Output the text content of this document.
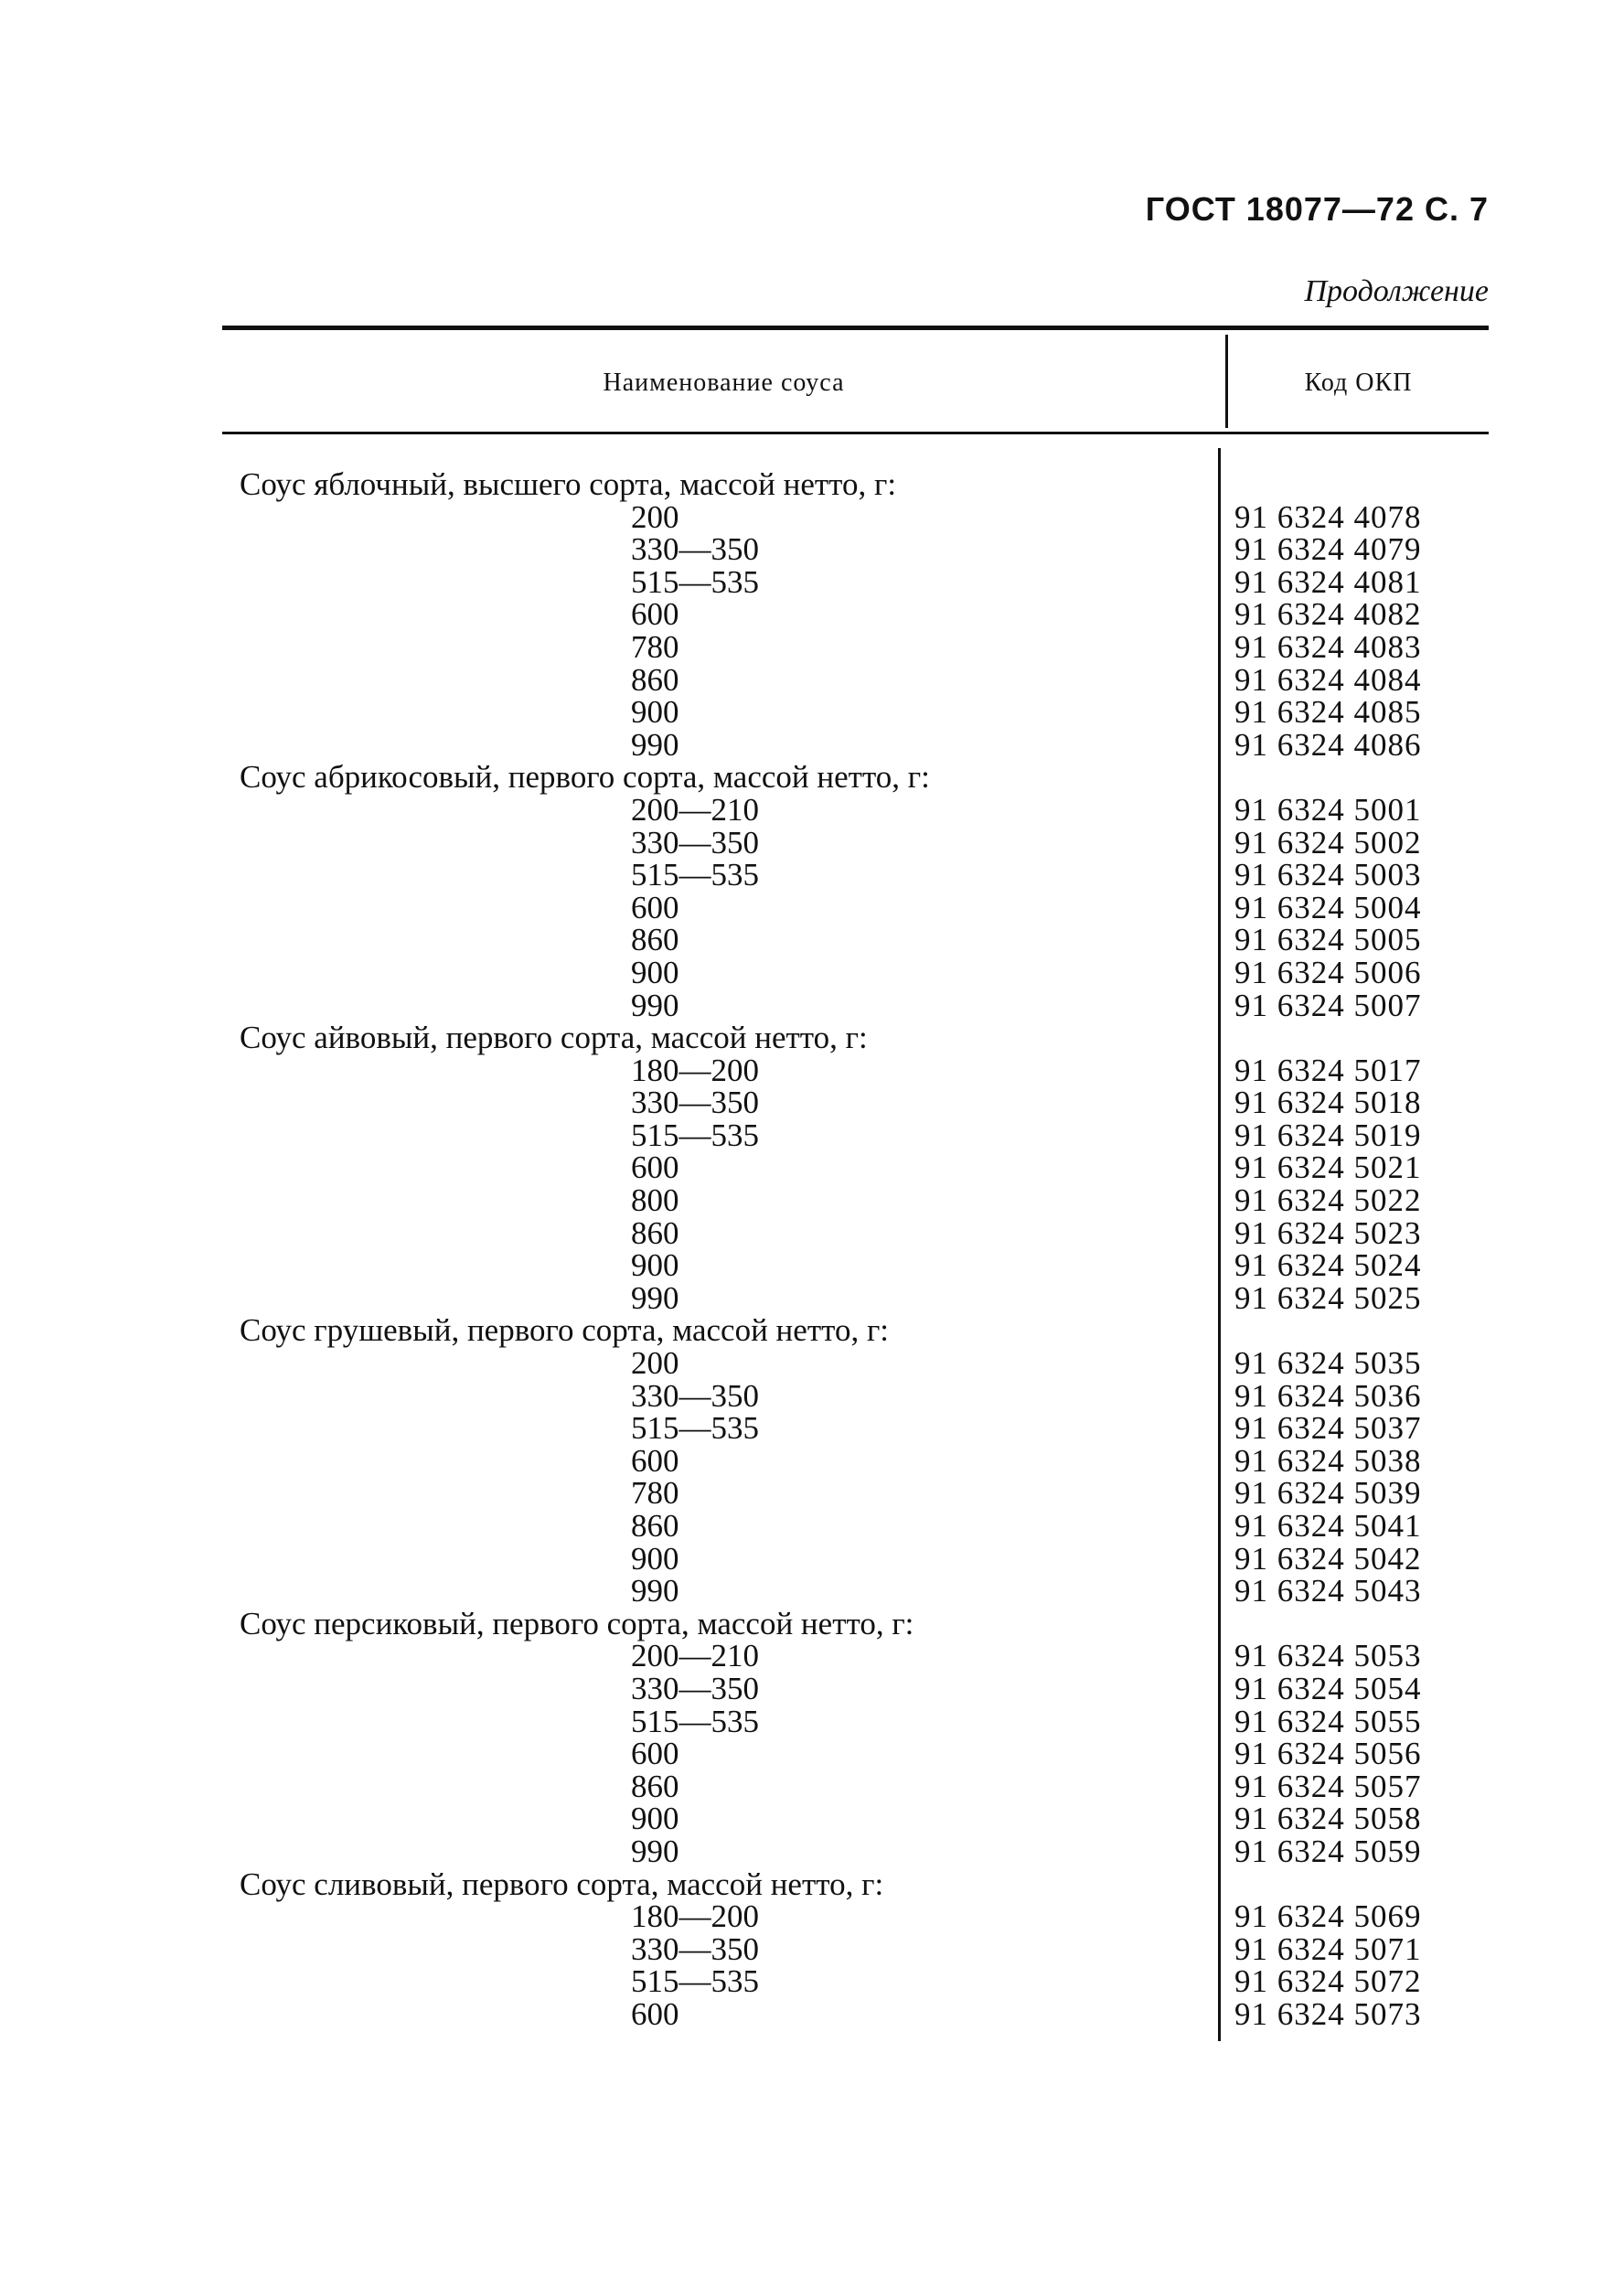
ГОСТ 18077—72 С. 7
Продолжение
Наименование соуса	Код ОКП
Соус яблочный, высшего сорта, массой нетто, г:
200	91 6324 4078
330—350	91 6324 4079
515—535	91 6324 4081
600	91 6324 4082
780	91 6324 4083
860	91 6324 4084
900	91 6324 4085
990	91 6324 4086
Соус абрикосовый, первого сорта, массой нетто, г:
200—210	91 6324 5001
330—350	91 6324 5002
515—535	91 6324 5003
600	91 6324 5004
860	91 6324 5005
900	91 6324 5006
990	91 6324 5007
Соус айвовый, первого сорта, массой нетто, г:
180—200	91 6324 5017
330—350	91 6324 5018
515—535	91 6324 5019
600	91 6324 5021
800	91 6324 5022
860	91 6324 5023
900	91 6324 5024
990	91 6324 5025
Соус грушевый, первого сорта, массой нетто, г:
200	91 6324 5035
330—350	91 6324 5036
515—535	91 6324 5037
600	91 6324 5038
780	91 6324 5039
860	91 6324 5041
900	91 6324 5042
990	91 6324 5043
Соус персиковый, первого сорта, массой нетто, г:
200—210	91 6324 5053
330—350	91 6324 5054
515—535	91 6324 5055
600	91 6324 5056
860	91 6324 5057
900	91 6324 5058
990	91 6324 5059
Соус сливовый, первого сорта, массой нетто, г:
180—200	91 6324 5069
330—350	91 6324 5071
515—535	91 6324 5072
600	91 6324 5073
